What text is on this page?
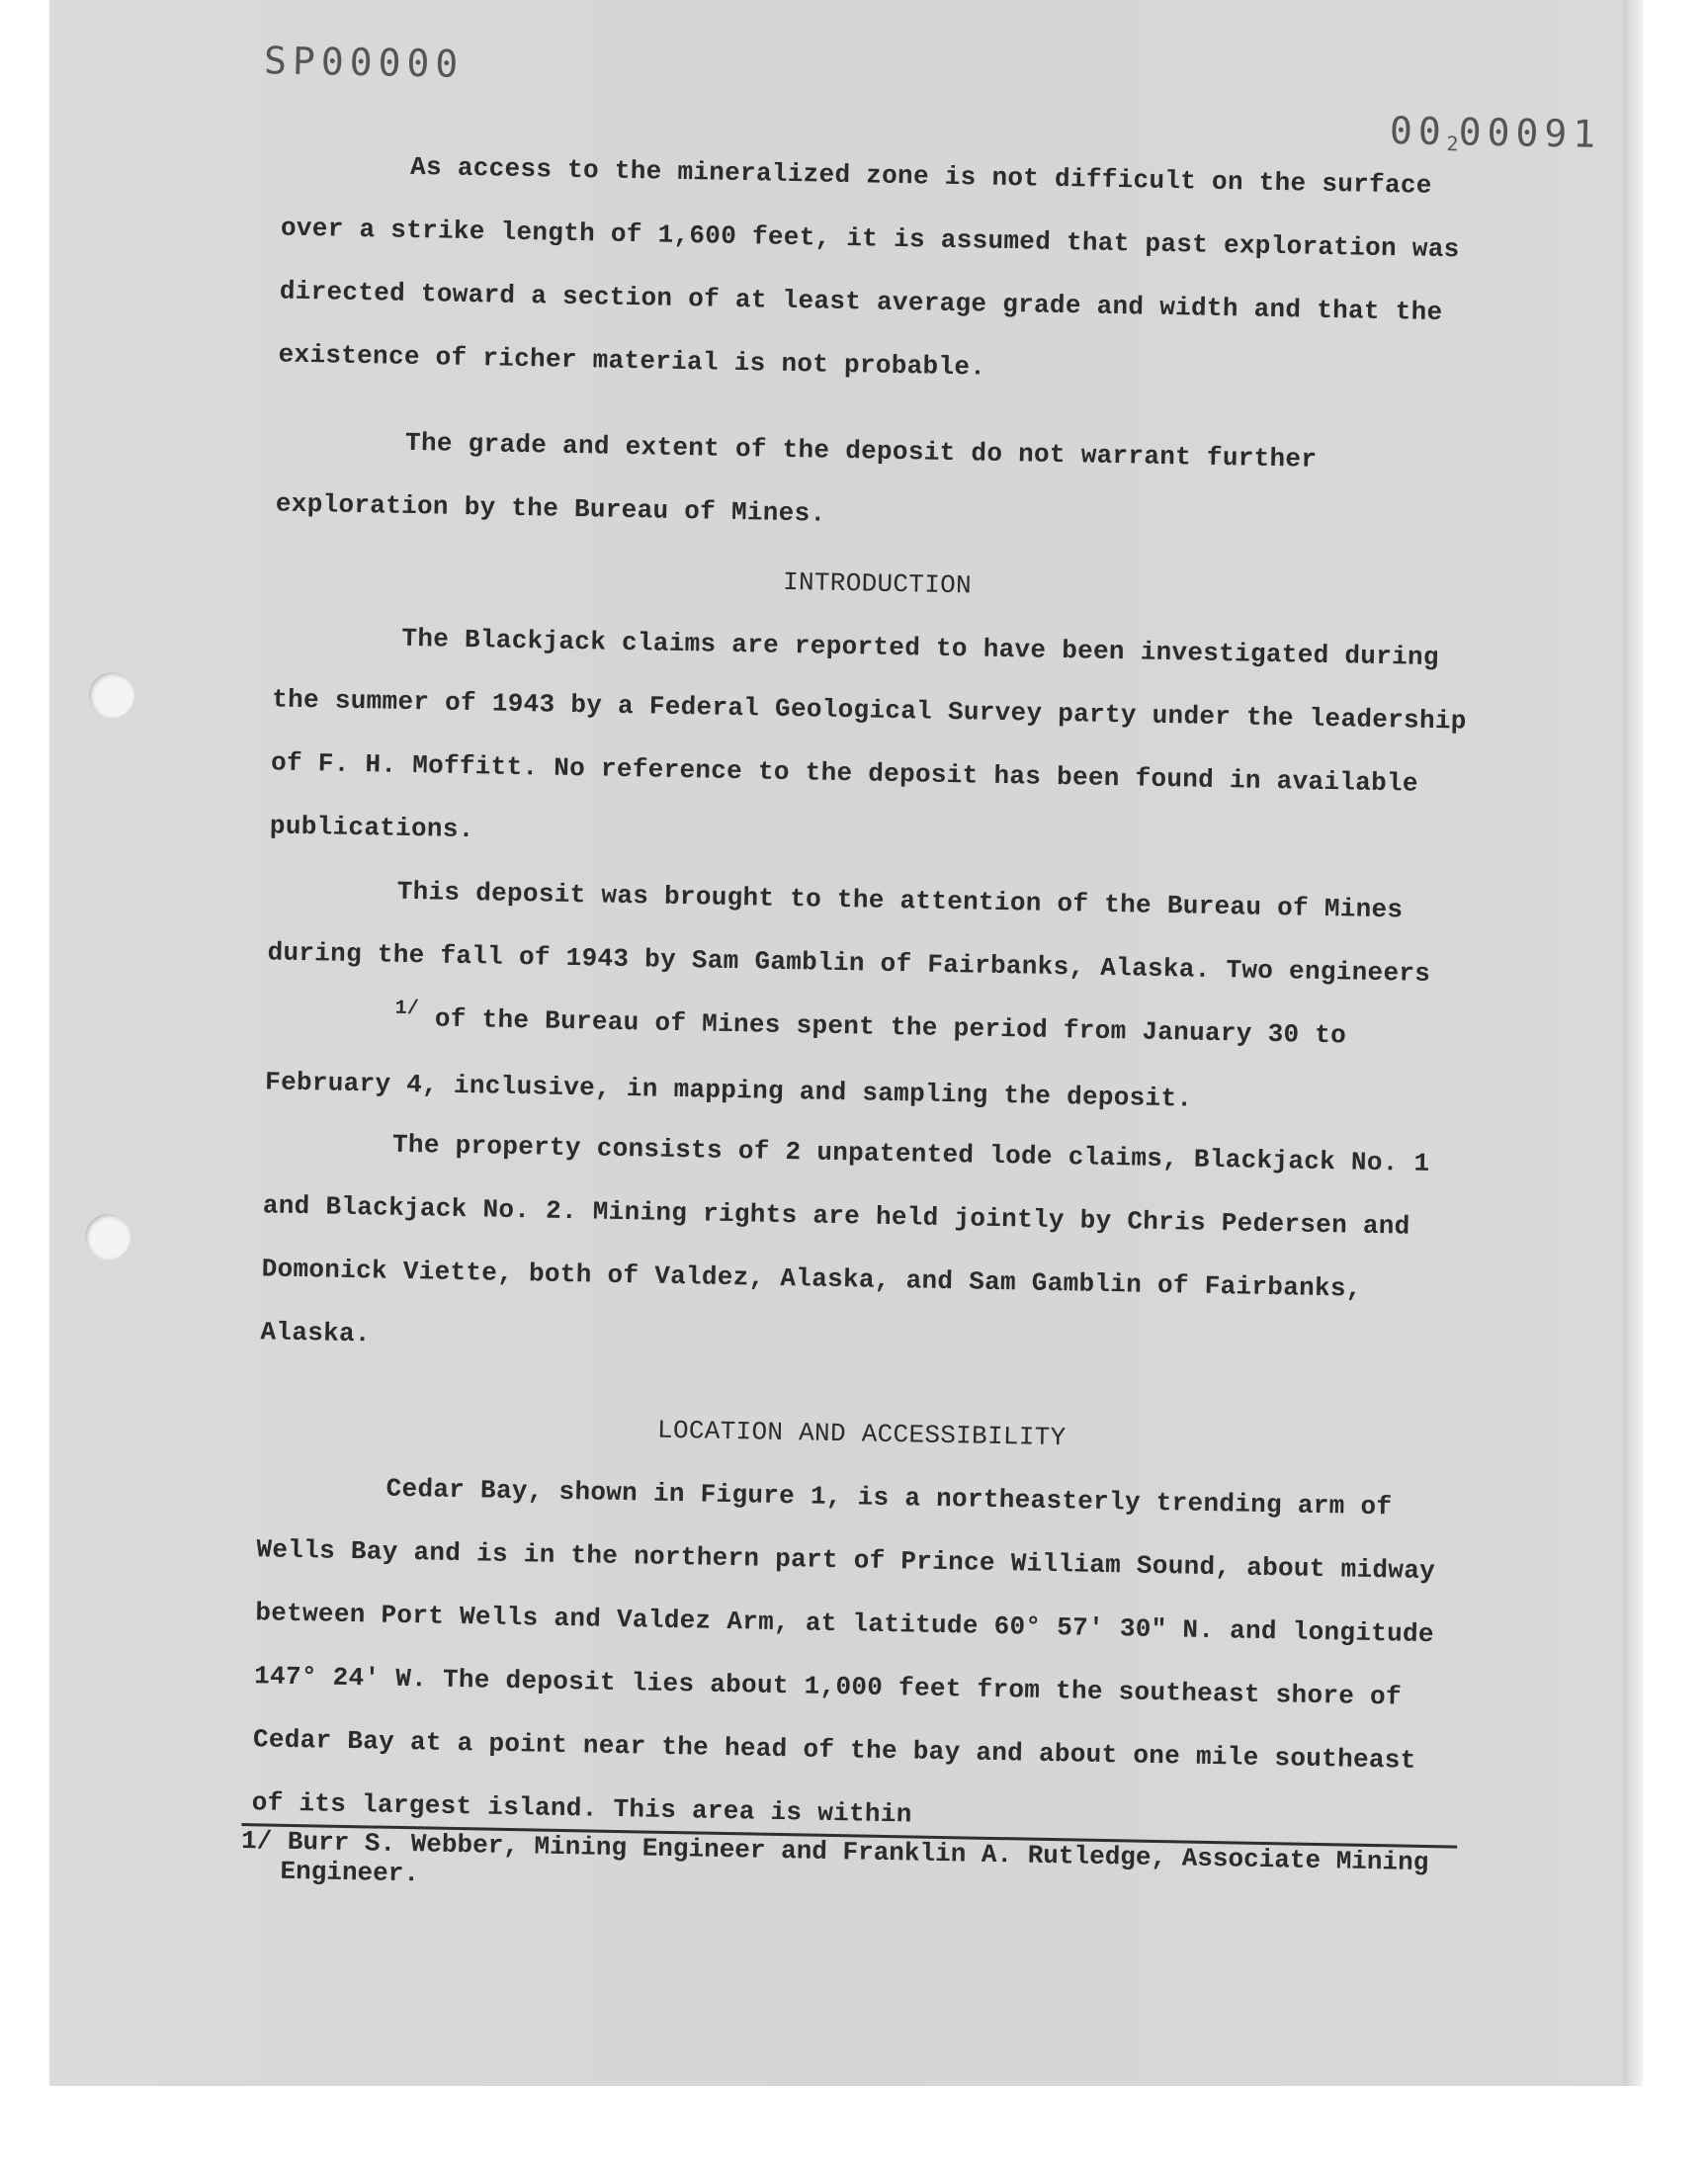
SP00000
$00_200091$

As access to the mineralized zone is not difficult on the surface over a strike length of 1,600 feet, it is assumed that past exploration was directed toward a section of at least average grade and width and that the existence of richer material is not probable.

The grade and extent of the deposit do not warrant further exploration by the Bureau of Mines.

INTRODUCTION

The Blackjack claims are reported to have been investigated during the summer of 1943 by a Federal Geological Survey party under the leadership of F. H. Moffitt. No reference to the deposit has been found in available publications.

This deposit was brought to the attention of the Bureau of Mines during the fall of 1943 by Sam Gamblin of Fairbanks, Alaska. Two engineers 1/ of the Bureau of Mines spent the period from January 30 to February 4, inclusive, in mapping and sampling the deposit.

The property consists of 2 unpatented lode claims, Blackjack No. 1 and Blackjack No. 2. Mining rights are held jointly by Chris Pedersen and Domonick Viette, both of Valdez, Alaska, and Sam Gamblin of Fairbanks, Alaska.

LOCATION AND ACCESSIBILITY

Cedar Bay, shown in Figure 1, is a northeasterly trending arm of Wells Bay and is in the northern part of Prince William Sound, about midway between Port Wells and Valdez Arm, at latitude 60° 57' 30" N. and longitude 147° 24' W. The deposit lies about 1,000 feet from the southeast shore of Cedar Bay at a point near the head of the bay and about one mile southeast of its largest island. This area is within

1/ Burr S. Webber, Mining Engineer and Franklin A. Rutledge, Associate Mining Engineer.
